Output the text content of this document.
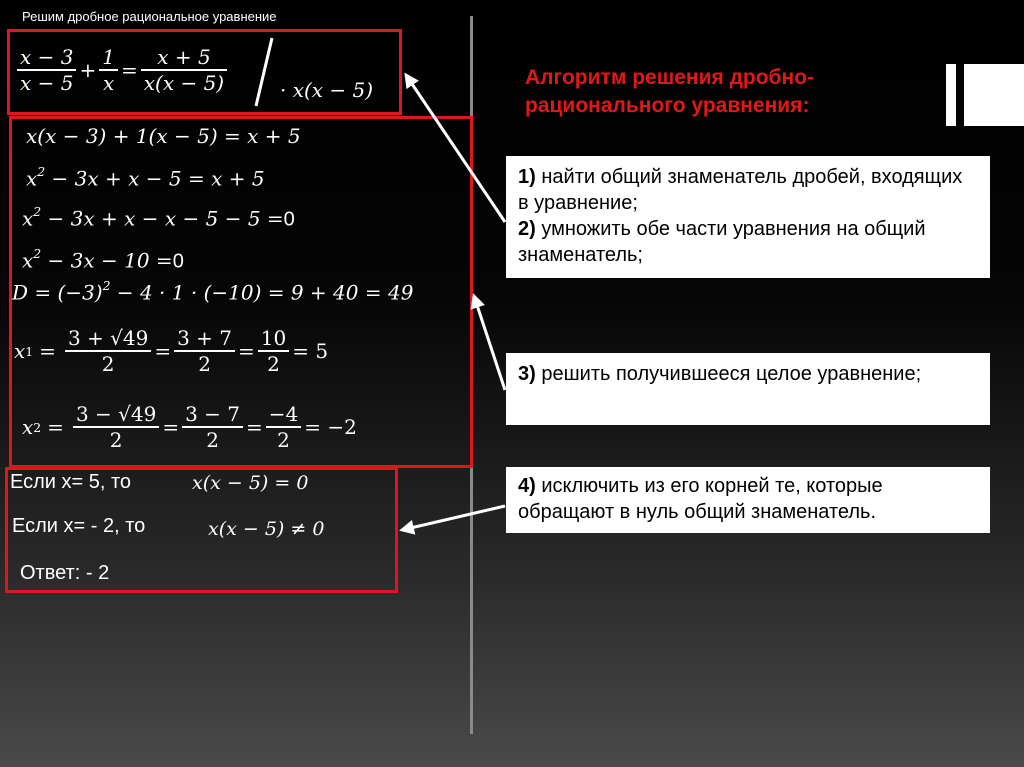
Решим дробное рациональное уравнение
$\frac{x - 3}{x - 5} + \frac{1}{x} = \frac{x + 5}{x(x - 5)}$	· x(x − 5)
x(x − 3) + 1(x − 5) = x + 5
$x^2 - 3x + x - 5 = x + 5$
$x^2 - 3x + x - x - 5 - 5 =0$
$x^2 - 3x - 10 =0$
$D = (-3)^2 - 4 \cdot 1 \cdot (-10) = 9 + 40 = 49$
x $1 = \frac{3 + √49}{2} = \frac{3 + 7}{2} = \frac{10}{2} = 5$
x $2 = \frac{3 - √49}{2} = \frac{3 - 7}{2} = \frac{-4}{2} = -2$
Если х= 5, то	x(x − 5) = 0
Если х= - 2, то	x(x − 5) ≠ 0
Ответ: - 2
Алгоритм решения дробно-рационального уравнения:
1) найти общий знаменатель дробей, входящих в уравнение;
2) умножить обе части уравнения на общий знаменатель;
3) решить получившееся целое уравнение;
4) исключить из его корней те, которые обращают в нуль общий знаменатель.
